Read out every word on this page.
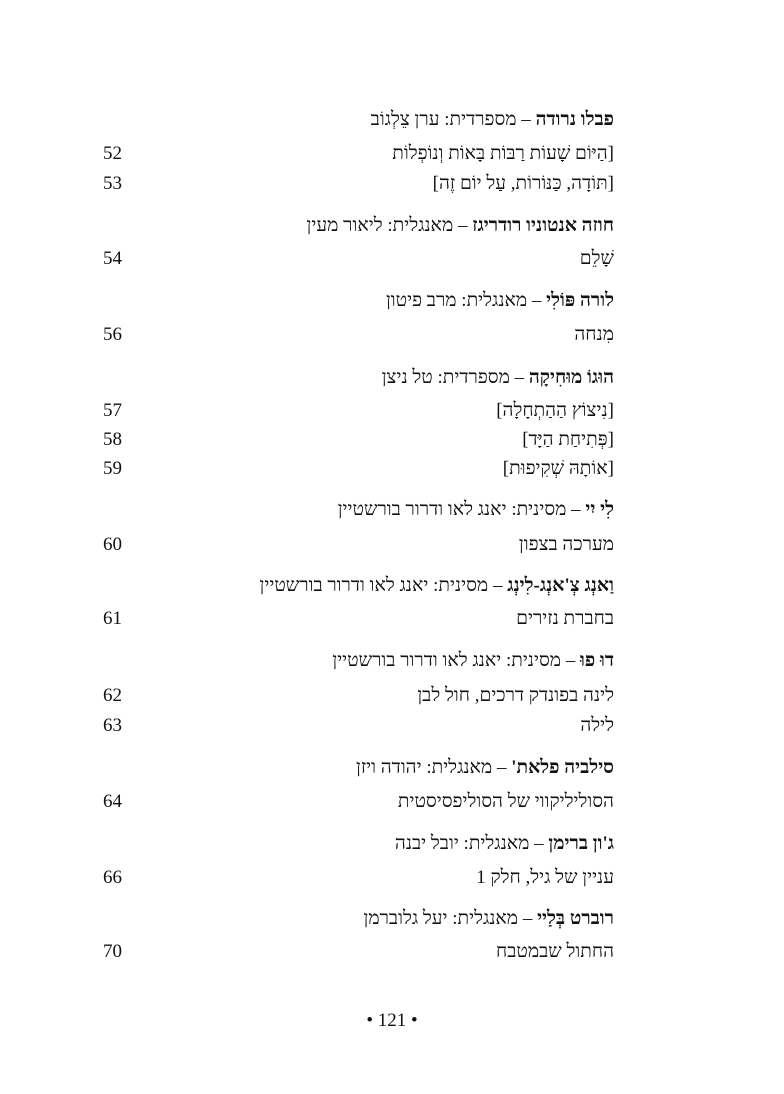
פבלו נרודה – מספרדית: ערן צֵלְגוֹב
[הַיּוֹם שָׁעוֹת רַבּוֹת בָּאוֹת וְנוֹפְלוֹת
52
[תּוֹדָה, כַּנּוֹרוֹת, עַל יוֹם זֶה]
53
חוזה אנטוניו רודריגז – מאנגלית: ליאור מעין
שָׁלֵם
54
לורה פּוֹלִי – מאנגלית: מרב פיטון
מִנחה
56
הוּגוֹ מוּחִיקָה – מספרדית: טל ניצן
[נִיצוֹץ הַהַתְחָלָה]
57
[פְּתִיחַת הַיָּד]
58
[אוֹתָהּ שְׁקִיפוּת]
59
לִי יִי – מסינית: יאנג לאו ודרור בורשטיין
מערכה בצפון
60
וַאנְג צְ'אנְג-לִינְג – מסינית: יאנג לאו ודרור בורשטיין
בחברת נזירים
61
דוּ פוּ – מסינית: יאנג לאו ודרור בורשטיין
לינה בפונדק דרכים, חול לבן
62
לילה
63
סילביה פלאת' – מאנגלית: יהודה ויזן
הסוליליקווי של הסוליפסיסטית
64
ג'ון ברימן – מאנגלית: יובל יבנה
עניין של גיל, חלק 1
66
רוברט בְּלַיי – מאנגלית: יעל גלוברמן
החתול שבמטבח
70
• 121 •
